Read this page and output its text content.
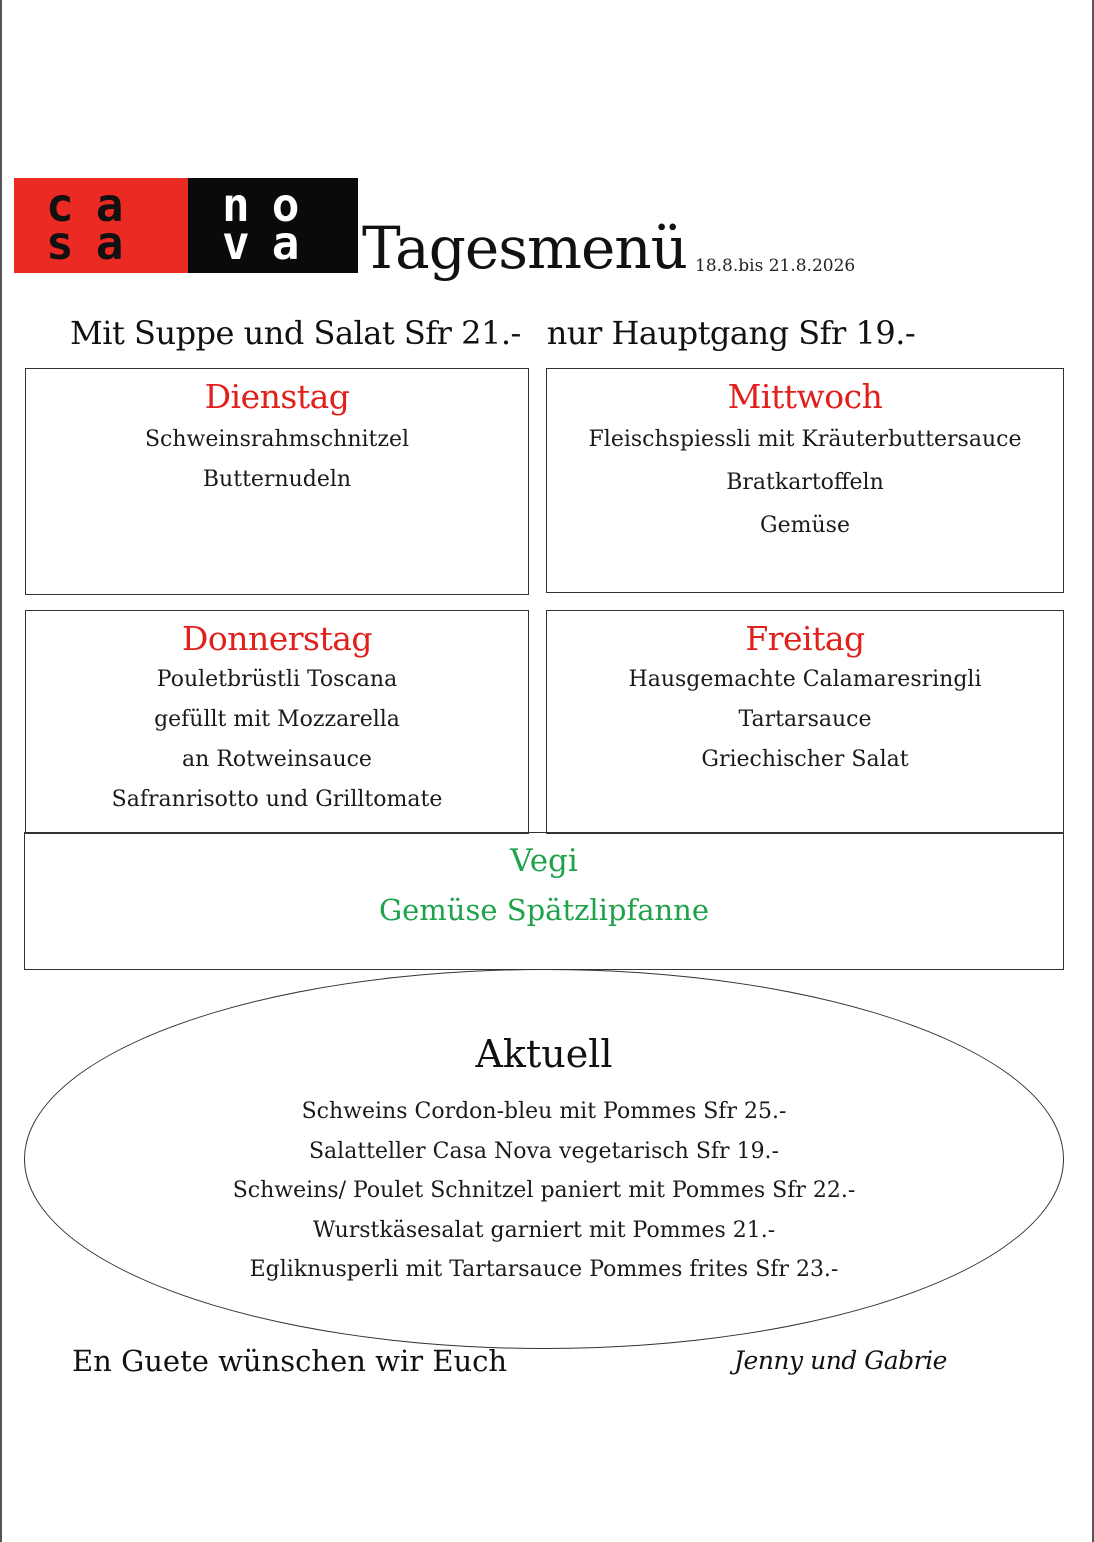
ca
sa
no
va Tagesmenü 18.8.bis 21.8.2026
Mit Suppe und Salat Sfr 21.- nur Hauptgang Sfr 19.-
Dienstag
Schweinsrahmschnitzel
Butternudeln
Mittwoch
Fleischspiessli mit Kräuterbuttersauce
Bratkartoffeln
Gemüse
Donnerstag
Pouletbrüstli Toscana
gefüllt mit Mozzarella
an Rotweinsauce
Safranrisotto und Grilltomate
Freitag
Hausgemachte Calamaresringli
Tartarsauce
Griechischer Salat
Vegi
Gemüse Spätzlipfanne
Aktuell
Schweins Cordon-bleu mit Pommes Sfr 25.-
Salatteller Casa Nova vegetarisch Sfr 19.-
Schweins/ Poulet Schnitzel paniert mit Pommes Sfr 22.-
Wurstkäsesalat garniert mit Pommes 21.-
Egliknusperli mit Tartarsauce Pommes frites Sfr 23.-
En Guete wünschen wir Euch	Jenny und Gabrie
